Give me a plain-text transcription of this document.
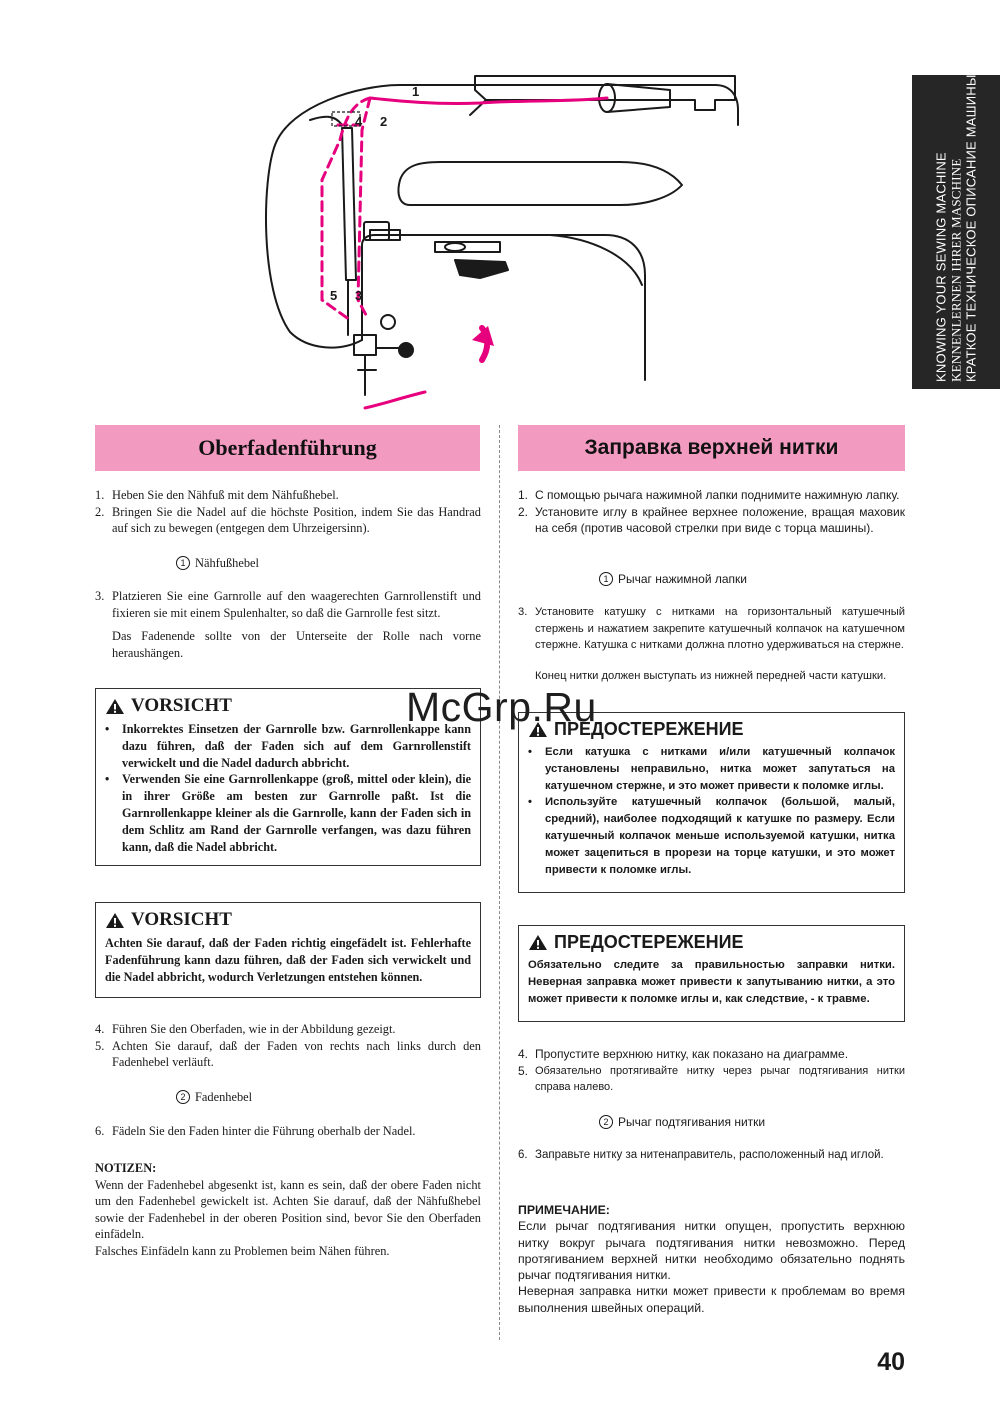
KNOWING YOUR SEWING MACHINE KENNENLERNEN IHRER MASCHINE КРАТКОЕ ТЕХНИЧЕСКОЕ ОПИСАНИЕ МАШИНЫ
1
2
3
4
5
Oberfadenführung
1. Heben Sie den Nähfuß mit dem Nähfußhebel.
2. Bringen Sie die Nadel auf die höchste Position, indem Sie das Handrad auf sich zu bewegen (entgegen dem Uhrzeigersinn).
1 Nähfußhebel
3. Platzieren Sie eine Garnrolle auf den waagerechten Garnrollenstift und fixieren sie mit einem Spulenhalter, so daß die Garnrolle fest sitzt.
Das Fadenende sollte von der Unterseite der Rolle nach vorne heraushängen.
VORSICHT
•	Inkorrektes Einsetzen der Garnrolle bzw. Garnrollenkappe kann dazu führen, daß der Faden sich auf dem Garnrollenstift verwickelt und die Nadel dadurch abbricht.
•	Verwenden Sie eine Garnrollenkappe (groß, mittel oder klein), die in ihrer Größe am besten zur Garnrolle paßt. Ist die Garnrollenkappe kleiner als die Garnrolle, kann der Faden sich in dem Schlitz am Rand der Garnrolle verfangen, was dazu führen kann, daß die Nadel abbricht.
VORSICHT
Achten Sie darauf, daß der Faden richtig eingefädelt ist. Fehlerhafte Fadenführung kann dazu führen, daß der Faden sich verwickelt und die Nadel abbricht, wodurch Verletzungen entstehen können.
4. Führen Sie den Oberfaden, wie in der Abbildung gezeigt.
5. Achten Sie darauf, daß der Faden von rechts nach links durch den Fadenhebel verläuft.
2 Fadenhebel
6. Fädeln Sie den Faden hinter die Führung oberhalb der Nadel.
NOTIZEN:
Wenn der Fadenhebel abgesenkt ist, kann es sein, daß der obere Faden nicht um den Fadenhebel gewickelt ist. Achten Sie darauf, daß der Nähfußhebel sowie der Fadenhebel in der oberen Position sind, bevor Sie den Oberfaden einfädeln.
Falsches Einfädeln kann zu Problemen beim Nähen führen.
Заправка верхней нитки
1. С помощью рычага нажимной лапки поднимите нажимную лапку.
2. Установите иглу в крайнее верхнее положение, вращая маховик на себя (против часовой стрелки при виде с торца машины).
1 Рычаг нажимной лапки
3. Установите катушку с нитками на горизонтальный катушечный стержень и нажатием закрепите катушечный колпачок на катушечном стержне. Катушка с нитками должна плотно удерживаться на стержне.
Конец нитки должен выступать из нижней передней части катушки.
ПРЕДОСТЕРЕЖЕНИЕ
•	Если катушка с нитками и/или катушечный колпачок установлены неправильно, нитка может запутаться на катушечном стержне, и это может привести к поломке иглы.
•	Используйте катушечный колпачок (большой, малый, средний), наиболее подходящий к катушке по размеру. Если катушечный колпачок меньше используемой катушки, нитка может зацепиться в прорези на торце катушки, и это может привести к поломке иглы.
ПРЕДОСТЕРЕЖЕНИЕ
Обязательно следите за правильностью заправки нитки. Неверная заправка может привести к запутыванию нитки, а это может привести к поломке иглы и, как следствие, - к травме.
4. Пропустите верхнюю нитку, как показано на диаграмме.
5. Обязательно протягивайте нитку через рычаг подтягивания нитки справа налево.
2 Рычаг подтягивания нитки
6. Заправьте нитку за нитенаправитель, расположенный над иглой.
ПРИМЕЧАНИЕ:
Если рычаг подтягивания нитки опущен, пропустить верхнюю нитку вокруг рычага подтягивания нитки невозможно. Перед протягиванием верхней нитки необходимо обязательно поднять рычаг подтягивания нитки.
Неверная заправка нитки может привести к проблемам во время выполнения швейных операций.
McGrp.Ru
40
